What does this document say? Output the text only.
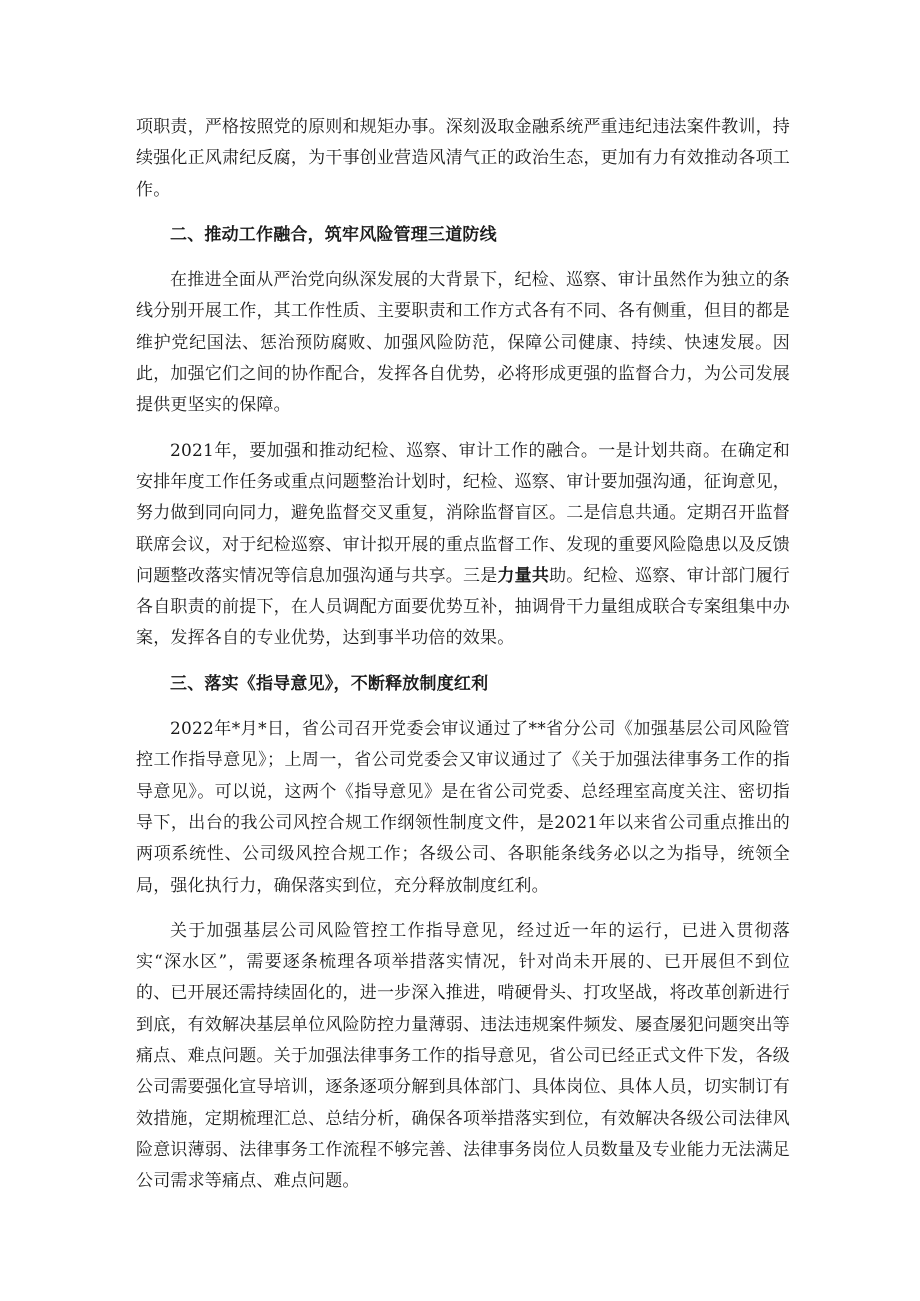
项职责，严格按照党的原则和规矩办事。深刻汲取金融系统严重违纪违法案件教训，持续强化正风肃纪反腐，为干事创业营造风清气正的政治生态，更加有力有效推动各项工作。

二、推动工作融合，筑牢风险管理三道防线

在推进全面从严治党向纵深发展的大背景下，纪检、巡察、审计虽然作为独立的条线分别开展工作，其工作性质、主要职责和工作方式各有不同、各有侧重，但目的都是维护党纪国法、惩治预防腐败、加强风险防范，保障公司健康、持续、快速发展。因此，加强它们之间的协作配合，发挥各自优势，必将形成更强的监督合力，为公司发展提供更坚实的保障。

2021年，要加强和推动纪检、巡察、审计工作的融合。一是计划共商。在确定和安排年度工作任务或重点问题整治计划时，纪检、巡察、审计要加强沟通，征询意见，努力做到同向同力，避免监督交叉重复，消除监督盲区。二是信息共通。定期召开监督联席会议，对于纪检巡察、审计拟开展的重点监督工作、发现的重要风险隐患以及反馈问题整改落实情况等信息加强沟通与共享。三是力量共助。纪检、巡察、审计部门履行各自职责的前提下，在人员调配方面要优势互补，抽调骨干力量组成联合专案组集中办案，发挥各自的专业优势，达到事半功倍的效果。

三、落实《指导意见》，不断释放制度红利

2022年*月*日，省公司召开党委会审议通过了**省分公司《加强基层公司风险管控工作指导意见》；上周一，省公司党委会又审议通过了《关于加强法律事务工作的指导意见》。可以说，这两个《指导意见》是在省公司党委、总经理室高度关注、密切指导下，出台的我公司风控合规工作纲领性制度文件，是2021年以来省公司重点推出的两项系统性、公司级风控合规工作；各级公司、各职能条线务必以之为指导，统领全局，强化执行力，确保落实到位，充分释放制度红利。

关于加强基层公司风险管控工作指导意见，经过近一年的运行，已进入贯彻落实“深水区”，需要逐条梳理各项举措落实情况，针对尚未开展的、已开展但不到位的、已开展还需持续固化的，进一步深入推进，啃硬骨头、打攻坚战，将改革创新进行到底，有效解决基层单位风险防控力量薄弱、违法违规案件频发、屡查屡犯问题突出等痛点、难点问题。关于加强法律事务工作的指导意见，省公司已经正式文件下发，各级公司需要强化宣导培训，逐条逐项分解到具体部门、具体岗位、具体人员，切实制订有效措施，定期梳理汇总、总结分析，确保各项举措落实到位，有效解决各级公司法律风险意识薄弱、法律事务工作流程不够完善、法律事务岗位人员数量及专业能力无法满足公司需求等痛点、难点问题。
